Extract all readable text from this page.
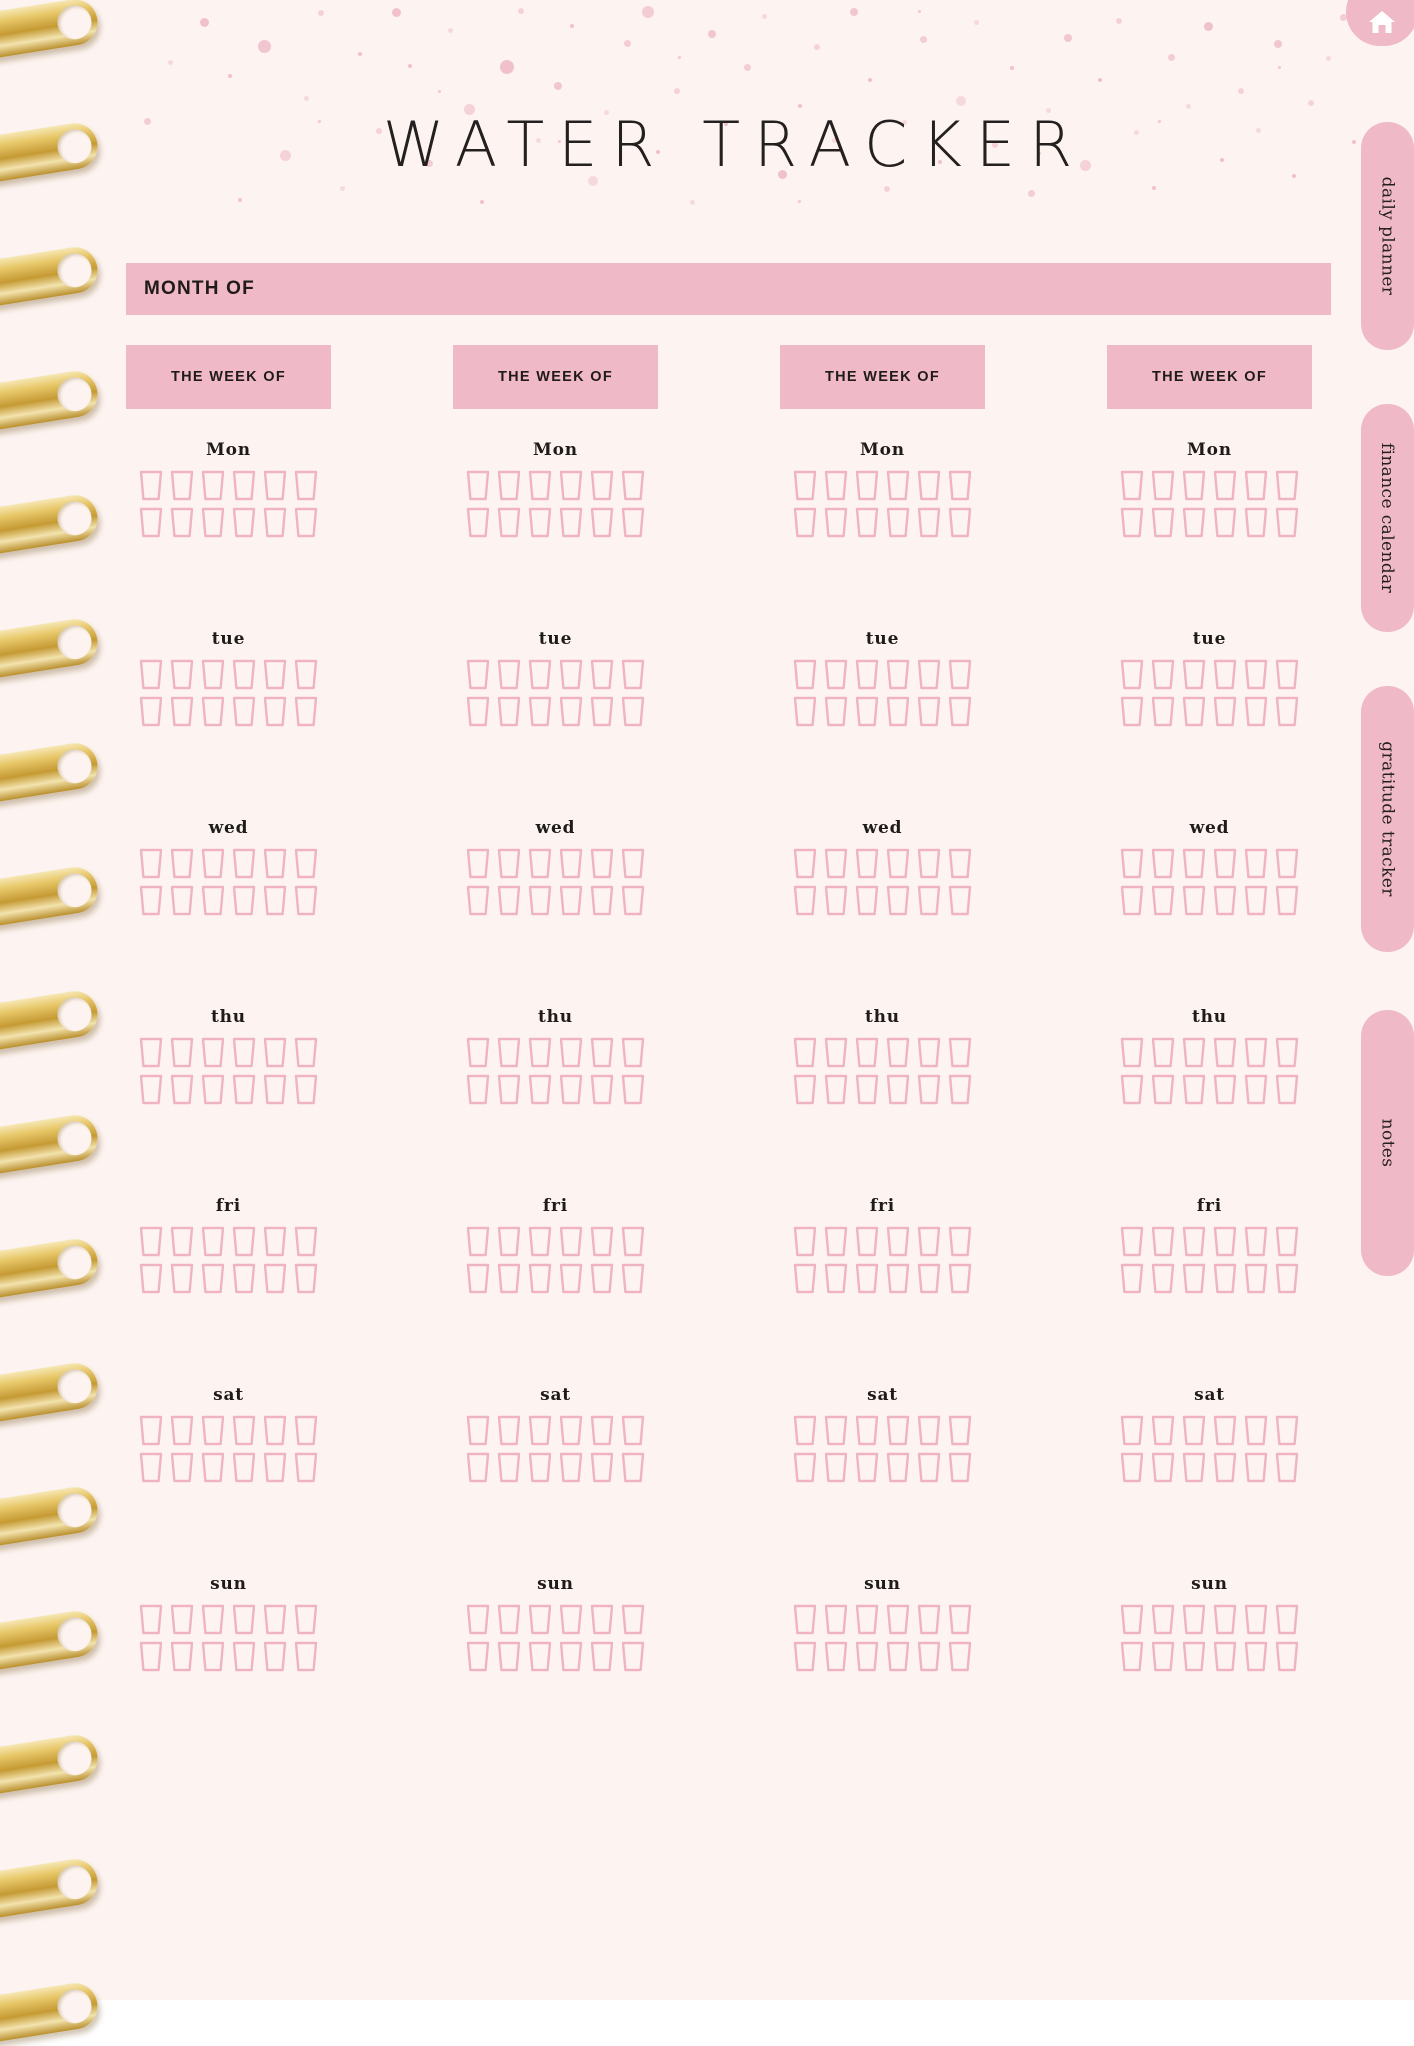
WATER TRACKER
MONTH OF
THE WEEK OF
Mon
tue
wed
thu
fri
sat
sun
THE WEEK OF
Mon
tue
wed
thu
fri
sat
sun
THE WEEK OF
Mon
tue
wed
thu
fri
sat
sun
THE WEEK OF
Mon
tue
wed
thu
fri
sat
sun
daily planner
finance calendar
gratitude tracker
notes
